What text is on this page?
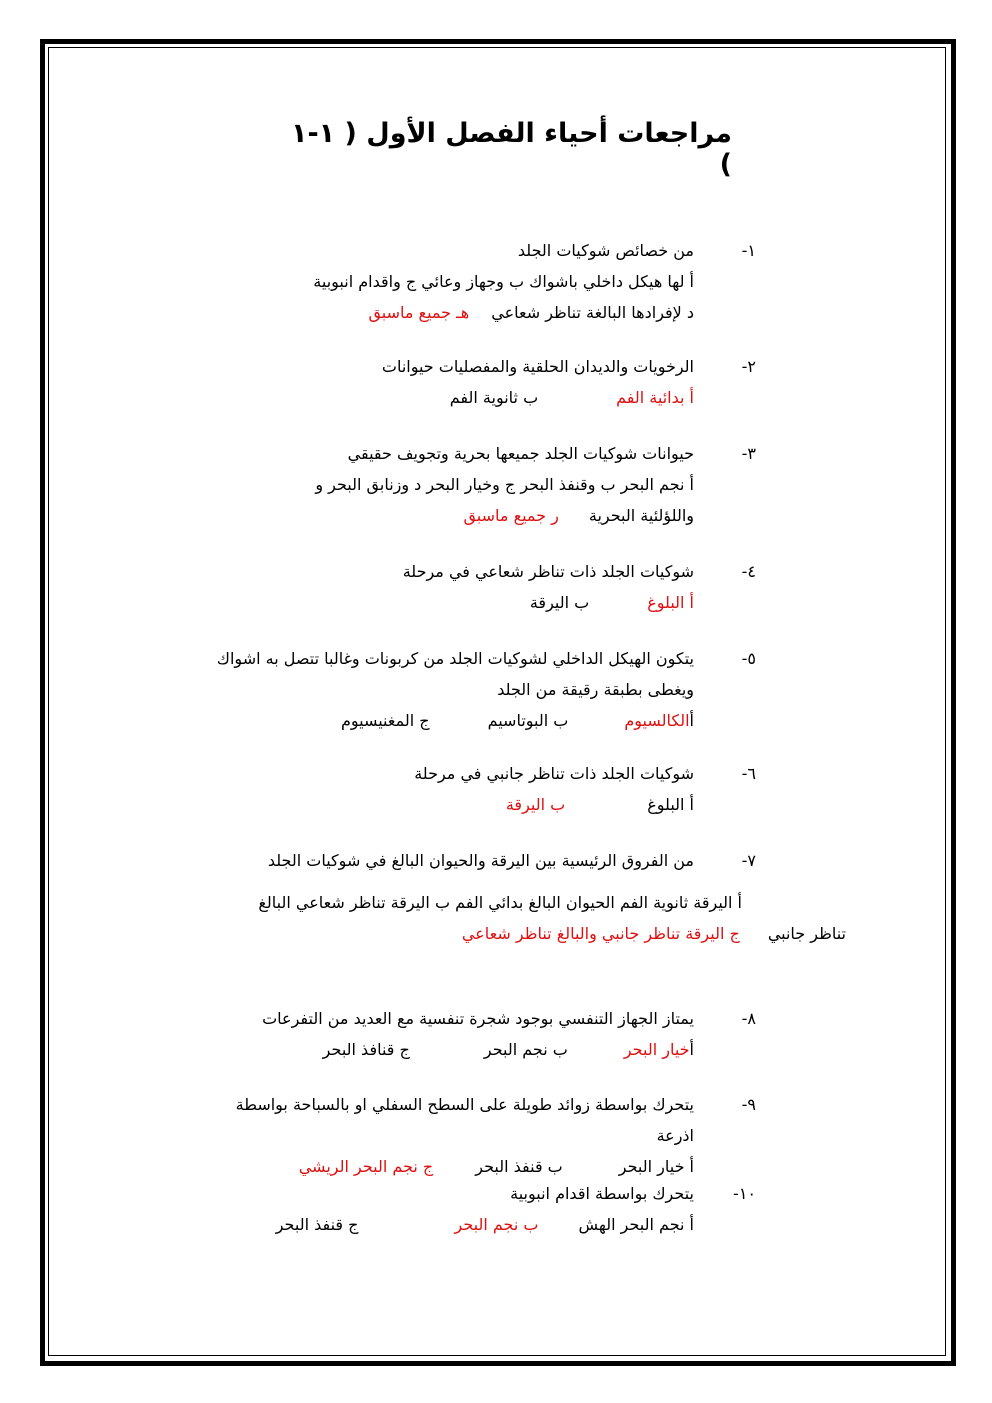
مراجعات أحياء الفصل الأول ( ١-١ )
١-
من خصائص شوكيات الجلد
أ لها هيكل داخلي باشواك ب وجهاز وعائي ج واقدام انبوبية
د لإفرادها البالغة تناظر شعاعيهـ جميع ماسبق
٢-
الرخويات والديدان الحلقية والمفصليات حيوانات
أ بدائية الفمب ثانوية الفم
٣-
حيوانات شوكيات الجلد جميعها بحرية وتجويف حقيقي
أ نجم البحر ب وقنفذ البحر ج وخيار البحر د وزنابق البحر و
واللؤلئية البحريةر جميع ماسبق
٤-
شوكيات الجلد ذات تناظر شعاعي في مرحلة
أ البلوغب اليرقة
٥-
يتكون الهيكل الداخلي لشوكيات الجلد من كربونات وغالبا تتصل به اشواك
ويغطى بطبقة رقيقة من الجلد
أالكالسيومب البوتاسيمج المغنيسيوم
٦-
شوكيات الجلد ذات تناظر جانبي في مرحلة
أ البلوغب اليرقة
٧-
من الفروق الرئيسية بين اليرقة والحيوان البالغ في شوكيات الجلد
أ اليرقة ثانوية الفم الحيوان البالغ بدائي الفم ب اليرقة تناظر شعاعي البالغ
تناظر جانبيج اليرقة تناظر جانبي والبالغ تناظر شعاعي
٨-
يمتاز الجهاز التنفسي بوجود شجرة تنفسية مع العديد من التفرعات
أخيار البحرب نجم البحرج قنافذ البحر
٩-
يتحرك بواسطة زوائد طويلة على السطح السفلي او بالسباحة بواسطة
اذرعة
أ خيار البحرب قنفذ البحرج نجم البحر الريشي
١٠-
يتحرك بواسطة اقدام انبوبية
أ نجم البحر الهشب نجم البحرج قنفذ البحر
